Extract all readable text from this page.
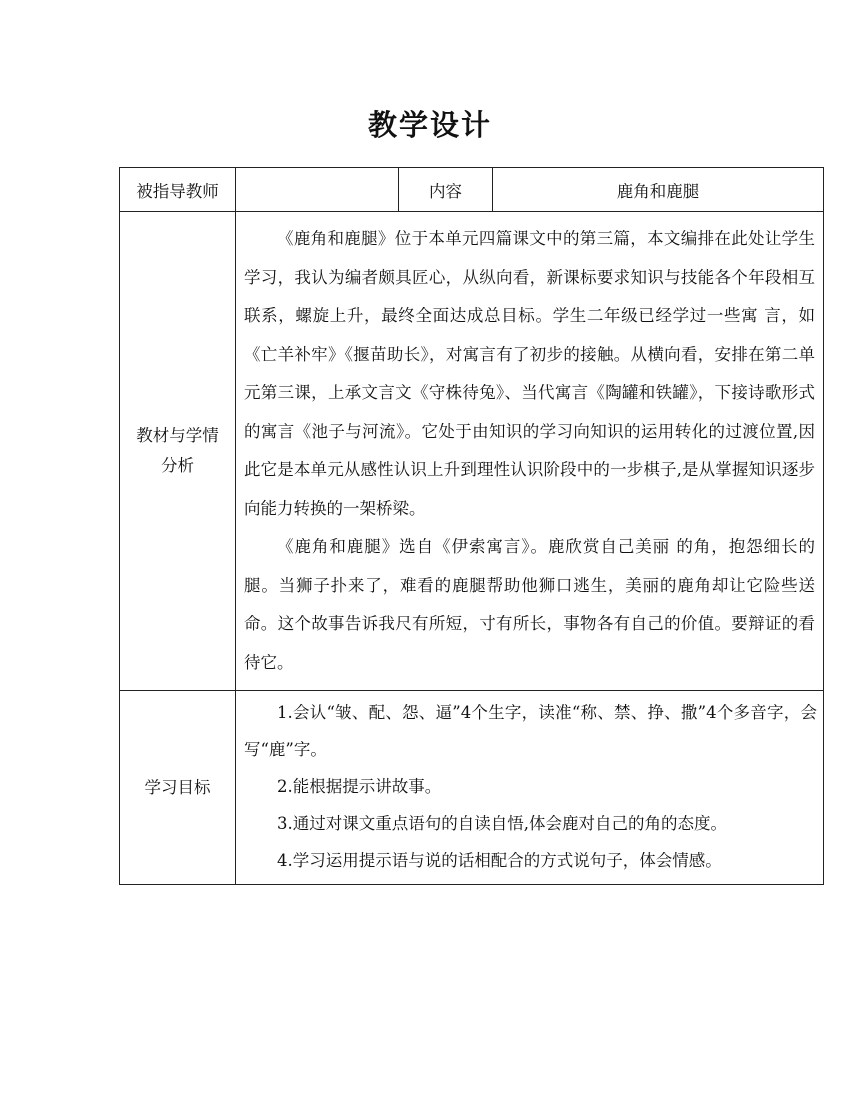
教学设计
被指导教师		内容	鹿角和鹿腿

教材与学情分析	《鹿角和鹿腿》位于本单元四篇课文中的第三篇，本文编排在此处让学生学习，我认为编者颇具匠心，从纵向看，新课标要求知识与技能各个年段相互联系，螺旋上升，最终全面达成总目标。学生二年级已经学过一些寓 言，如《亡羊补牢》《揠苗助长》，对寓言有了初步的接触。从横向看，安排在第二单元第三课，上承文言文《守株待兔》、当代寓言《陶罐和铁罐》，下接诗歌形式的寓言《池子与河流》。它处于由知识的学习向知识的运用转化的过渡位置,因此它是本单元从感性认识上升到理性认识阶段中的一步棋子,是从掌握知识逐步向能力转换的一架桥梁。

《鹿角和鹿腿》选自《伊索寓言》。鹿欣赏自己美丽 的角，抱怨细长的腿。当狮子扑来了，难看的鹿腿帮助他狮口逃生，美丽的鹿角却让它险些送命。这个故事告诉我尺有所短，寸有所长，事物各有自己的价值。要辩证的看待它。		

学习目标	1.会认“皱、配、怨、逼”4个生字，读准“称、禁、挣、撒”4个多音字，会写“鹿”字。

2.能根据提示讲故事。

3.通过对课文重点语句的自读自悟,体会鹿对自己的角的态度。

4.学习运用提示语与说的话相配合的方式说句子，体会情感。		
